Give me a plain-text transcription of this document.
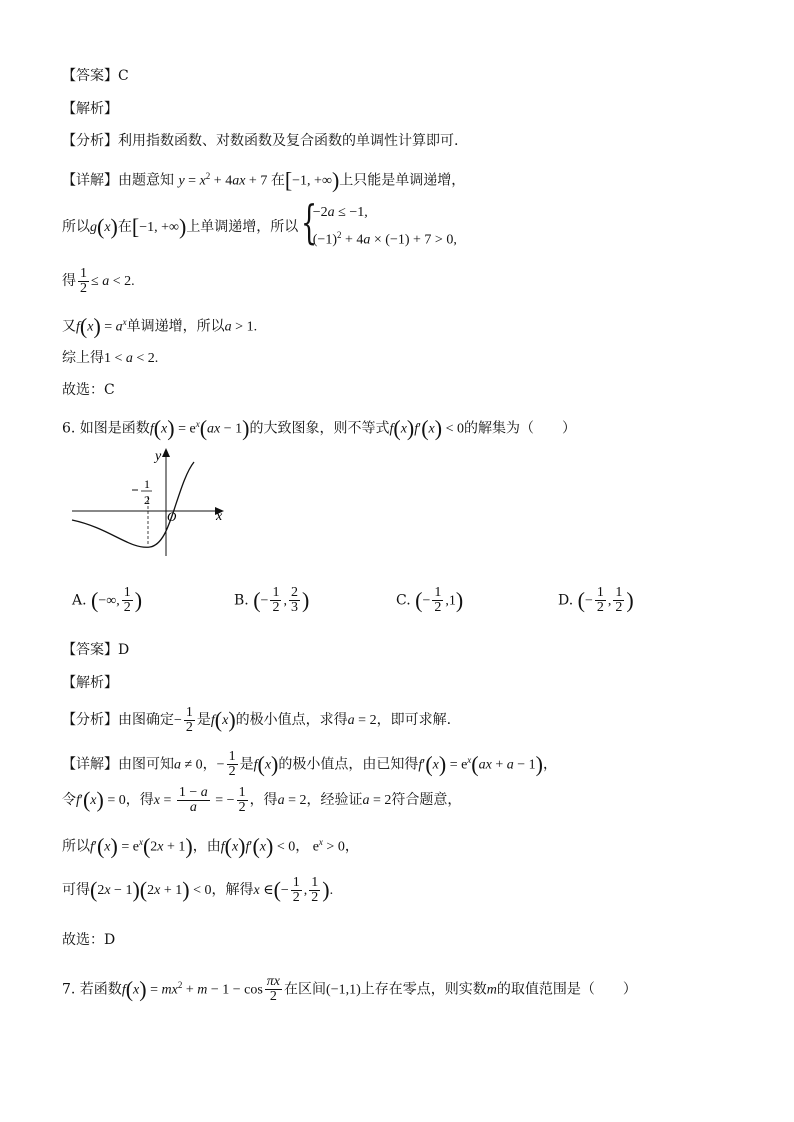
【答案】C
【解析】
【分析】利用指数函数、对数函数及复合函数的单调性计算即可.
【详解】由题意知 $y = x^2 + 4ax + 7$ 在[−1, +∞)上只能是单调递增，
所以g(x)在[−1, +∞)上单调递增，所以
{ −2a ≤ −1,
$(-1)^2 + 4a \times (-1) + 7 > 0$,
得 $\frac{1}{2} \le a < 2$.
又$f(x) = a^x$单调递增，所以a > 1.
综上得1 < a < 2.
故选：C
6. 如图是函数$f(x) = e^x(ax - 1)$的大致图象，则不等式f(x)f′(x) < 0的解集为（　　）
y
x
O
1
2
A. (−∞, $\frac{1}{2}$ )	B. (− $\frac{1}{2}$ , $\frac{2}{3}$ )	C. (− $\frac{1}{2} ,1$)	D. (− $\frac{1}{2}$ , $\frac{1}{2}$ )
【答案】D
【解析】
【分析】由图确定− $\frac{1}{2}$ 是f(x)的极小值点，求得a = 2，即可求解.
【详解】由图可知a ≠ 0，− $\frac{1}{2}$ 是f(x)的极小值点，由已知得$f'(x) = e^x(ax + a - 1)$，
令f′(x) = 0，得$x = \frac{1 - a}{a}$ = − $\frac{1}{2}$ ，得a = 2，经验证a = 2符合题意，
所以$f'(x) = e^x(2x + 1)$，由f(x)f′(x) < 0， $e^x > 0$，
可得(2x − 1)(2x + 1) < 0，解得x ∈(− $\frac{1}{2}$ , $\frac{1}{2}$ ).
故选：D
7. 若函数$f(x) = mx^2 + m - 1 - \cos \frac{\pi x}{2}$ 在区间(−1,1)上存在零点，则实数m的取值范围是（　　）
